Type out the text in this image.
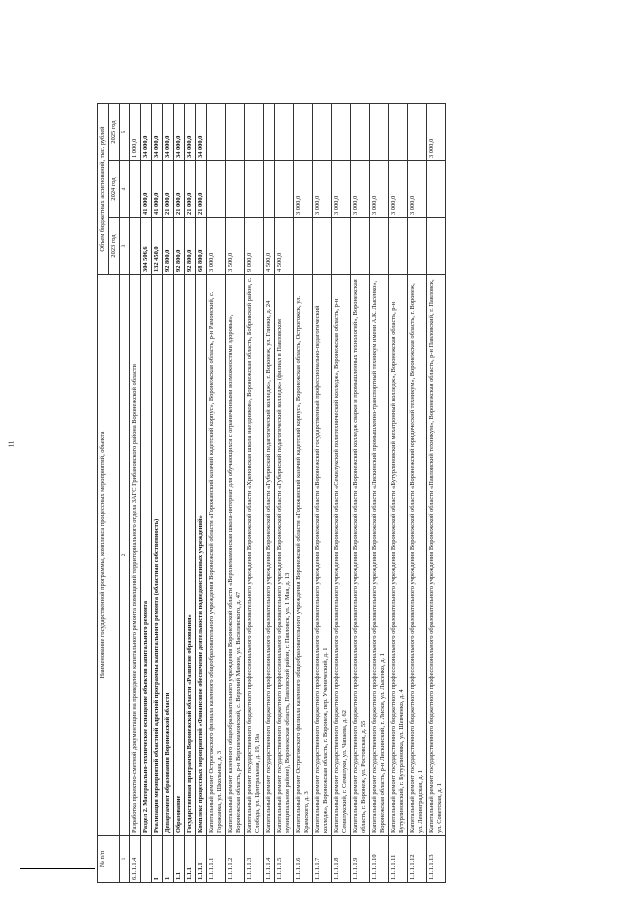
11
№ п/п	Наименование государственной программы, комплекса процессных мероприятий, объекта	Объем бюджетных ассигнований, тыс. рублей		
		2023 год	2024 год	2025 год
1	2	3	4	5
6.1.1.1.4	Разработка проектно-сметной документации на проведение капитального ремонта помещений территориального отдела ЗАГС Грибановского района Воронежской области			1 000,0
	Раздел 2. Материально-техническое оснащение объектов капитального ремонта	304 506,6	41 000,0	34 000,0
I	Реализация мероприятий областной адресной программы капитального ремонта (областная собственность)	132 450,0	41 000,0	34 000,0
1	Департамент образования Воронежской области	92 800,0	21 000,0	34 000,0
1.1	Образование	92 800,0	21 000,0	34 000,0
1.1.1	Государственная программа Воронежской области «Развитие образования»	92 800,0	21 000,0	34 000,0
1.1.1.1	Комплекс процессных мероприятий «Финансовое обеспечение деятельности подведомственных учреждений»	68 800,0	21 000,0	34 000,0
1.1.1.1.1	Капитальный ремонт Острогожского филиала казенного общеобразовательного учреждения Воронежской области «Горожанский казачий кадетский корпус», Воронежская область, р-н Рамонский, с. Горожанка, ул. Школьная, д. 3	3 000,0		
1.1.1.1.2	Капитальный ремонт казенного общеобразовательного учреждения Воронежской области «Верхнемамонская школа-интернат для обучающихся с ограниченными возможностями здоровья», Воронежская область, р-н Верхнемамонский, с. Верхний Мамон, ул. Василевского, д. 47	3 500,0		
1.1.1.1.3	Капитальный ремонт государственного бюджетного профессионального образовательного учреждения Воронежской области «Хреновская школа наездников», Воронежская область, Бобровский район, с. Слобода, ул. Центральная, д. 19, 19а	9 000,0		
1.1.1.1.4	Капитальный ремонт государственного бюджетного профессионального образовательного учреждения Воронежской области «Губернский педагогический колледж», г. Воронеж, ул. Глинки, д. 24	4 500,0		
1.1.1.1.5	Капитальный ремонт государственного бюджетного профессионального образовательного учреждения Воронежской области «Губернский педагогический колледж» (филиал в Павловском муниципальном районе), Воронежская область, Павловский район, г. Павловск, ул. 1 Мая, д. 13	4 500,0		
1.1.1.1.6	Капитальный ремонт Острогожского филиала казенного общеобразовательного учреждения Воронежской области «Горожанский казачий кадетский корпус», Воронежская область, Острогожск, ул. Крамского, д. 3		3 000,0	
1.1.1.1.7	Капитальный ремонт государственного бюджетного профессионального образовательного учреждения Воронежской области «Воронежский государственный профессионально-педагогический колледж», Воронежская область, г. Воронеж, пер. Ученический, д. 1		3 000,0	
1.1.1.1.8	Капитальный ремонт государственного бюджетного профессионального образовательного учреждения Воронежской области «Семилукский политехнический колледж», Воронежская область, р-н Семилукский, г. Семилуки, ул. Чапаева, д. 62		3 000,0	
1.1.1.1.9	Капитальный ремонт государственного бюджетного профессионального образовательного учреждения Воронежской области «Воронежский колледж сварки и промышленных технологий», Воронежская область, г. Воронеж, ул. Ростовская, д. 55		3 000,0	
1.1.1.1.10	Капитальный ремонт государственного бюджетного профессионального образовательного учреждения Воронежской области «Лискинский промышленно-транспортный техникум имени А.К. Лысенко», Воронежская область, р-н Лискинский, г. Лиски, ул. Лысенко, д. 1		3 000,0	
1.1.1.1.11	Капитальный ремонт государственного бюджетного профессионального образовательного учреждения Воронежской области «Бутурлиновский мехатронный колледж», Воронежская область, р-н Бутурлиновский, г. Бутурлиновка, ул. Шевченко, д. 4		3 000,0	
1.1.1.1.12	Капитальный ремонт государственного бюджетного профессионального образовательного учреждения Воронежской области «Воронежский юридический техникум», Воронежская область, г. Воронеж, ул. Ленинградская, д. 1		3 000,0	
1.1.1.1.13	Капитальный ремонт государственного бюджетного профессионального образовательного учреждения Воронежской области «Павловский техникум», Воронежская область, р-н Павловский, г. Павловск, ул. Советская, д. 1			3 000,0
